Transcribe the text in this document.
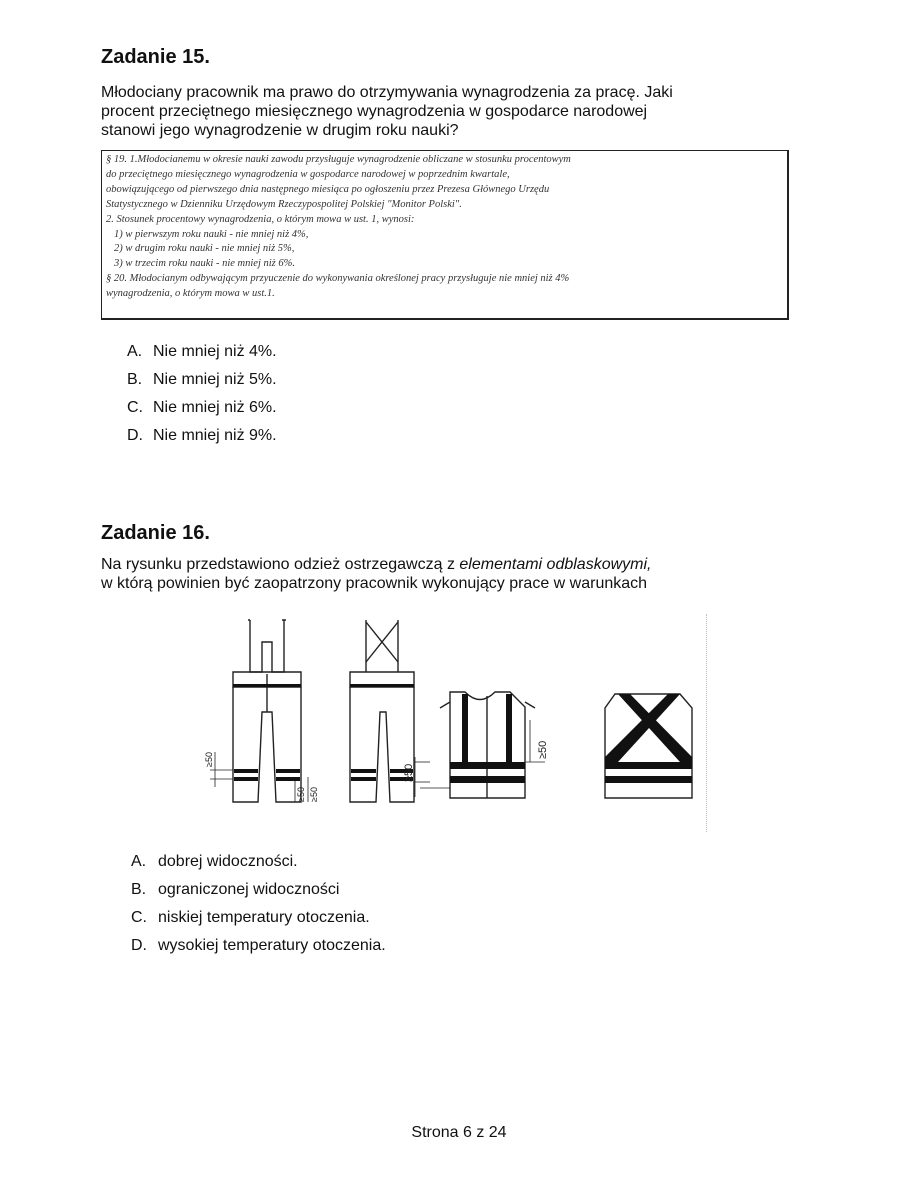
Zadanie 15.
Młodociany pracownik ma prawo do otrzymywania wynagrodzenia za pracę. Jaki
procent przeciętnego miesięcznego wynagrodzenia w gospodarce narodowej
stanowi jego wynagrodzenie w drugim roku nauki?
§ 19. 1.Młodocianemu w okresie nauki zawodu przysługuje wynagrodzenie obliczane w stosunku procentowym
do przeciętnego miesięcznego wynagrodzenia w gospodarce narodowej w poprzednim kwartale,
obowiązującego od pierwszego dnia następnego miesiąca po ogłoszeniu przez Prezesa Głównego Urzędu
Statystycznego w Dzienniku Urzędowym Rzeczypospolitej Polskiej "Monitor Polski".
2. Stosunek procentowy wynagrodzenia, o którym mowa w ust. 1, wynosi:
1) w pierwszym roku nauki - nie mniej niż 4%,
2) w drugim roku nauki - nie mniej niż 5%,
3) w trzecim roku nauki - nie mniej niż 6%.
§ 20. Młodocianym odbywającym przyuczenie do wykonywania określonej pracy przysługuje nie mniej niż 4%
wynagrodzenia, o którym mowa w ust.1.
A. Nie mniej niż 4%.
B. Nie mniej niż 5%.
C. Nie mniej niż 6%.
D. Nie mniej niż 9%.
Zadanie 16.
Na rysunku przedstawiono odzież ostrzegawczą z elementami odblaskowymi,
w którą powinien być zaopatrzony pracownik wykonujący prace w warunkach
≥50
≥50 ≥50
≥50
≥50
A. dobrej widoczności.
B. ograniczonej widoczności
C. niskiej temperatury otoczenia.
D. wysokiej temperatury otoczenia.
Strona 6 z 24
